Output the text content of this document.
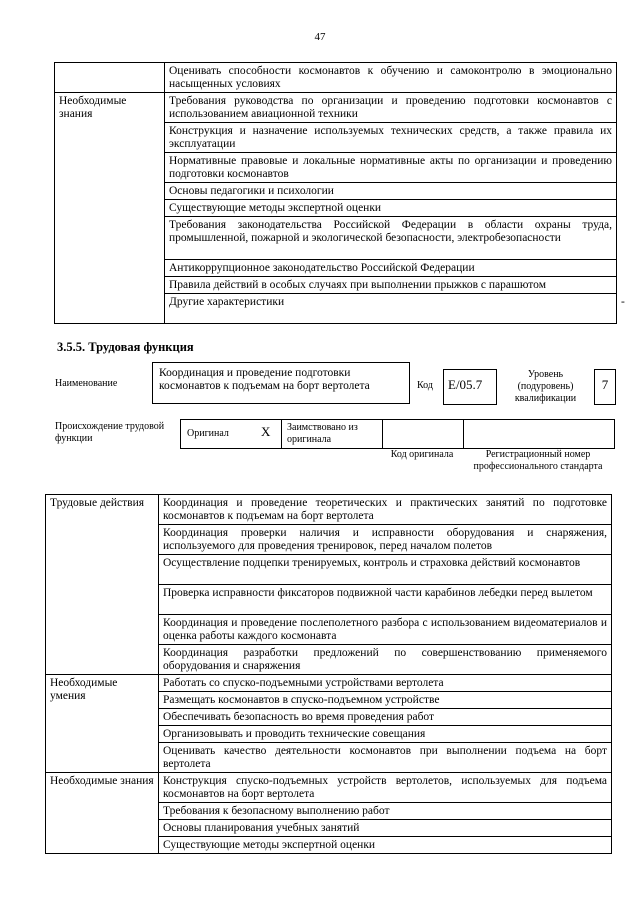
47
	Оценивать способности космонавтов к обучению и самоконтролю в эмоционально насыщенных условиях	
Необходимые знания	Требования руководства по организации и проведению подготовки космонавтов с использованием авиационной техники	
	Конструкция и назначение используемых технических средств, а также правила их эксплуатации	
	Нормативные правовые и локальные нормативные акты по организации и проведению подготовки космонавтов	
	Основы педагогики и психологии	
	Существующие методы экспертной оценки	
	Требования законодательства Российской Федерации в области охраны труда, промышленной, пожарной и экологической безопасности, электробезопасности	
	Антикоррупционное законодательство Российской Федерации	
	Правила действий в особых случаях при выполнении прыжков с парашютом	
	Другие характеристики	-
3.5.5. Трудовая функция
Наименование
Координация и проведение подготовки космонавтов к подъемам на борт вертолета	Код	E/05.7
Уровень (подуровень) квалификации
7
Происхождение трудовой функции	Оригинал X Заимствовано из оригинала
Код оригинала	Регистрационный номер профессионального стандарта
Трудовые действия	Координация и проведение теоретических и практических занятий по подготовке космонавтов к подъемам на борт вертолета
	Координация проверки наличия и исправности оборудования и снаряжения, используемого для проведения тренировок, перед началом полетов
	Осуществление подцепки тренируемых, контроль и страховка действий космонавтов
	Проверка исправности фиксаторов подвижной части карабинов лебедки перед вылетом
	Координация и проведение послеполетного разбора с использованием видеоматериалов и оценка работы каждого космонавта
	Координация разработки предложений по совершенствованию применяемого оборудования и снаряжения
Необходимые умения	Работать со спуско-подъемными устройствами вертолета
	Размещать космонавтов в спуско-подъемном устройстве
	Обеспечивать безопасность во время проведения работ
	Организовывать и проводить технические совещания
	Оценивать качество деятельности космонавтов при выполнении подъема на борт вертолета
Необходимые знания	Конструкция спуско-подъемных устройств вертолетов, используемых для подъема космонавтов на борт вертолета
	Требования к безопасному выполнению работ
	Основы планирования учебных занятий
	Существующие методы экспертной оценки
